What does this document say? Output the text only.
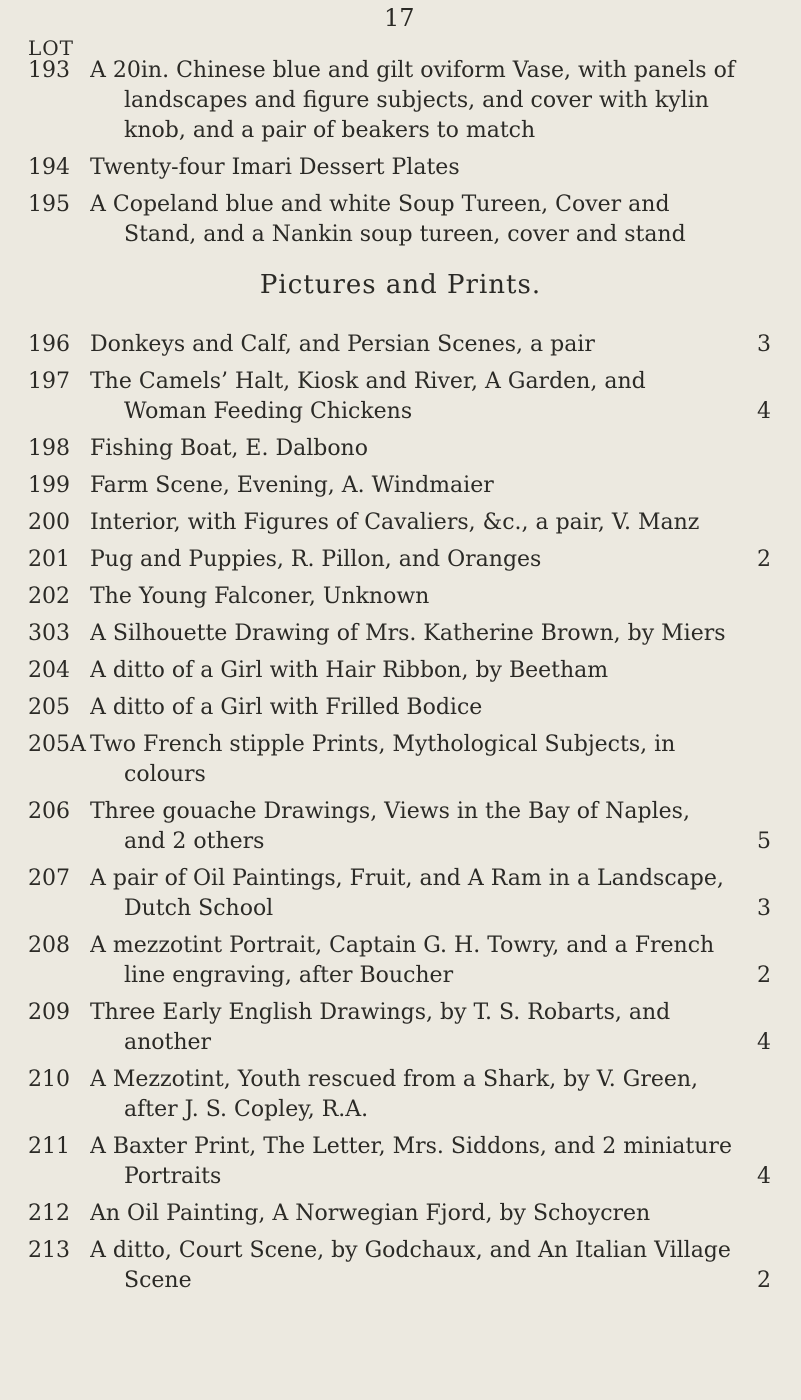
17
LOT
Pictures and Prints.
193 A 20in. Chinese blue and gilt oviform Vase, with panels of
landscapes and figure subjects, and cover with kylin
knob, and a pair of beakers to match
194 Twenty-four Imari Dessert Plates
195 A Copeland blue and white Soup Tureen, Cover and
Stand, and a Nankin soup tureen, cover and stand
196	3
Donkeys and Calf, and Persian Scenes, a pair
197 The Camels’ Halt, Kiosk and River, A Garden, and
4
Woman Feeding Chickens
198 Fishing Boat, E. Dalbono
199 Farm Scene, Evening, A. Windmaier
200 Interior, with Figures of Cavaliers, &c., a pair, V. Manz
201	2
Pug and Puppies, R. Pillon, and Oranges
202 The Young Falconer, Unknown
303 A Silhouette Drawing of Mrs. Katherine Brown, by Miers
204 A ditto of a Girl with Hair Ribbon, by Beetham
205 A ditto of a Girl with Frilled Bodice
205A Two French stipple Prints, Mythological Subjects, in
colours
206 Three gouache Drawings, Views in the Bay of Naples,
5
and 2 others
207 A pair of Oil Paintings, Fruit, and A Ram in a Landscape,
3
Dutch School
208 A mezzotint Portrait, Captain G. H. Towry, and a French
2
line engraving, after Boucher
209 Three Early English Drawings, by T. S. Robarts, and
4
another
210 A Mezzotint, Youth rescued from a Shark, by V. Green,
after J. S. Copley, R.A.
211 A Baxter Print, The Letter, Mrs. Siddons, and 2 miniature
4
Portraits
212 An Oil Painting, A Norwegian Fjord, by Schoycren
213 A ditto, Court Scene, by Godchaux, and An Italian Village
2
Scene
